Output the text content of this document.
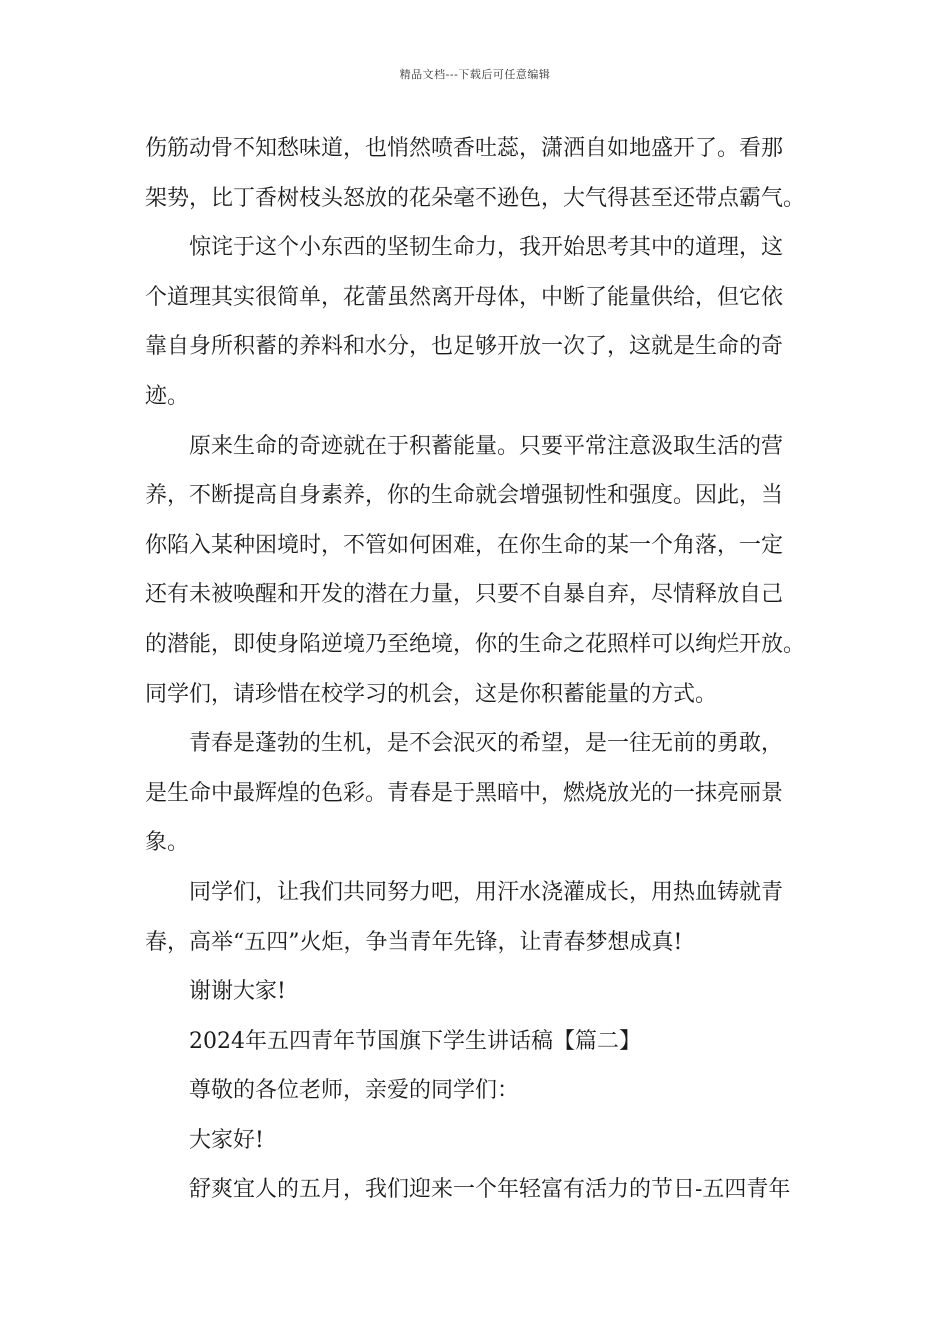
精品文档---下载后可任意编辑
伤筋动骨不知愁味道，也悄然喷香吐蕊，潇洒自如地盛开了。看那
架势，比丁香树枝头怒放的花朵毫不逊色，大气得甚至还带点霸气。
惊诧于这个小东西的坚韧生命力，我开始思考其中的道理，这
个道理其实很简单，花蕾虽然离开母体，中断了能量供给，但它依
靠自身所积蓄的养料和水分，也足够开放一次了，这就是生命的奇
迹。
原来生命的奇迹就在于积蓄能量。只要平常注意汲取生活的营
养，不断提高自身素养，你的生命就会增强韧性和强度。因此，当
你陷入某种困境时，不管如何困难，在你生命的某一个角落，一定
还有未被唤醒和开发的潜在力量，只要不自暴自弃，尽情释放自己
的潜能，即使身陷逆境乃至绝境，你的生命之花照样可以绚烂开放。
同学们，请珍惜在校学习的机会，这是你积蓄能量的方式。
青春是蓬勃的生机，是不会泯灭的希望，是一往无前的勇敢，
是生命中最辉煌的色彩。青春是于黑暗中，燃烧放光的一抹亮丽景
象。
同学们，让我们共同努力吧，用汗水浇灌成长，用热血铸就青
春，高举“五四”火炬，争当青年先锋，让青春梦想成真!
谢谢大家!
2024年五四青年节国旗下学生讲话稿【篇二】
尊敬的各位老师，亲爱的同学们：
大家好!
舒爽宜人的五月，我们迎来一个年轻富有活力的节日-五四青年
